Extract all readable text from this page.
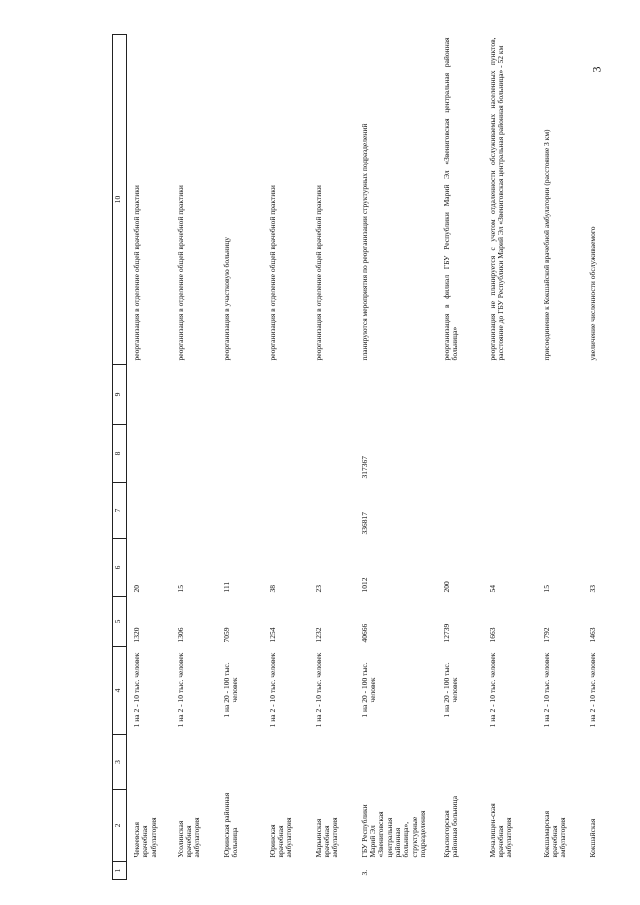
3
1	2	3	4	5	6	7	8	9	10
	Чекеевская врачебная амбулатория		1 на 2 - 10 тыс. человек	1320	20				реорганизация в отделение общей врачебной практики
	Усолинская врачебная амбулатория		1 на 2 - 10 тыс. человек	1306	15				реорганизация в отделение общей врачебной практики
	Юринская районная больница		1 на 20 - 100 тыс. человек	7059	111				реорганизация в участковую больницу
	Юринская врачебная амбулатория		1 на 2 - 10 тыс. человек	1254	38				реорганизация в отделение общей врачебной практики
	Марьинская врачебная амбулатория		1 на 2 - 10 тыс. человек	1232	23				реорганизация в отделение общей врачебной практики
3.	ГБУ Республики Марий Эл «Звениговская центральная районная больница», структурные подразделения		1 на 20 - 100 тыс. человек	40666	1012	336817	317367		планируются мероприятия по реорганизации структурных подразделений
	Красногорская районная больница		1 на 20 - 100 тыс. человек	12739	200				реорганизация в филиал ГБУ Республики Марий Эл «Звениговская центральная районная больница»
	Мочалищен-ская врачебная амбулатория		1 на 2 - 10 тыс. человек	1663	54				реорганизация не планируется с учетом отдаленности обслуживаемых населенных пунктов, расстояние до ГБУ Республики Марий Эл «Звениговская центральная районная больница» - 52 км
	Кокшамарская врачебная амбулатория		1 на 2 - 10 тыс. человек	1792	15				присоединение к Кокшайской врачебной амбулатории (расстояние 3 км)
	Кокшайская		1 на 2 - 10 тыс. человек	1463	33				увеличение численности обслуживаемого
